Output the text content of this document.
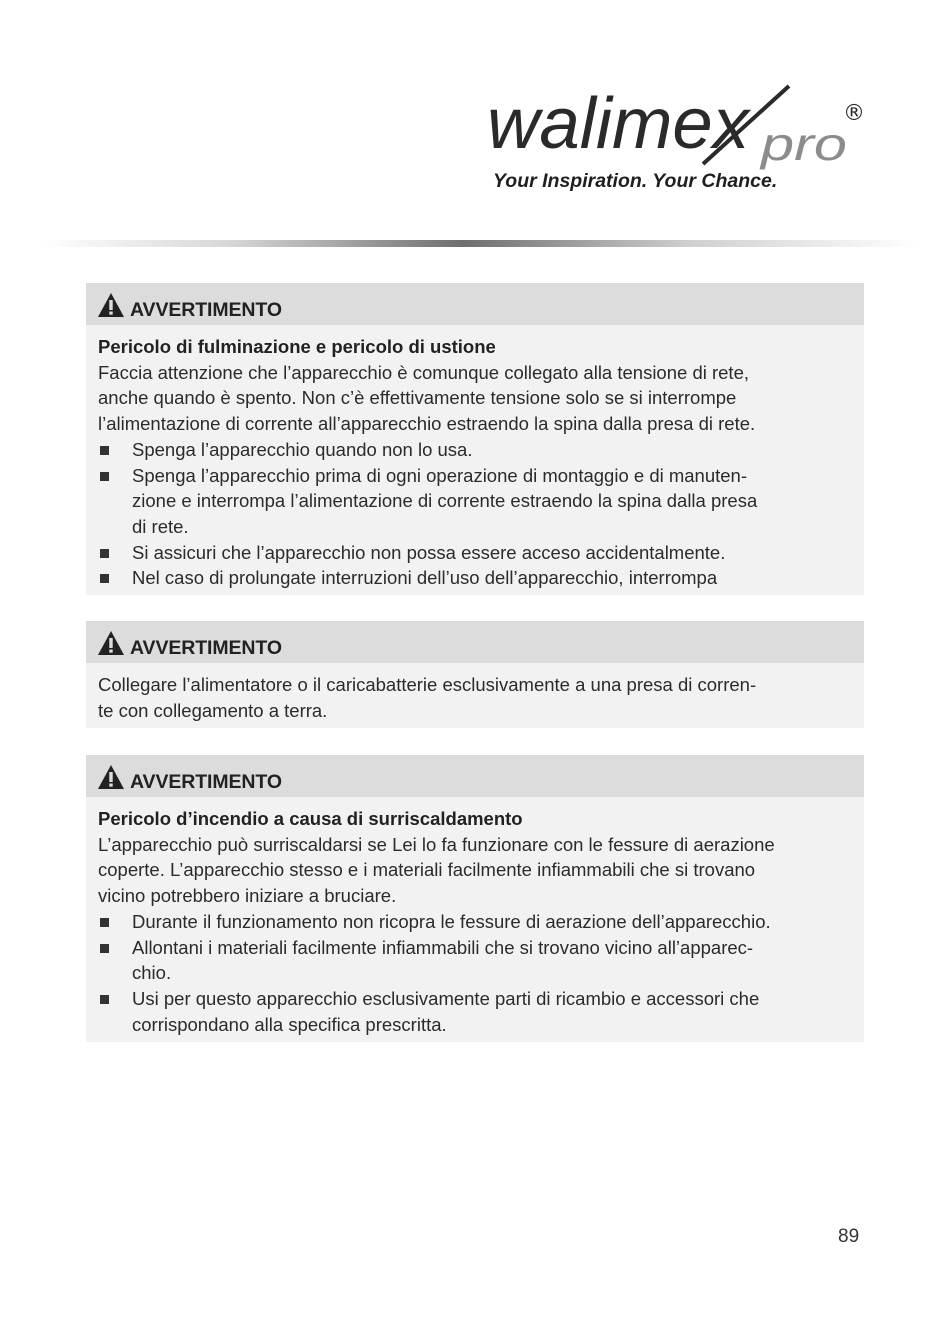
walimex pro
®

Your Inspiration. Your Chance.

AVVERTIMENTO
Pericolo di fulminazione e pericolo di ustione
Faccia attenzione che l’apparecchio è comunque collegato alla tensione di rete,
anche quando è spento. Non c’è effettivamente tensione solo se si interrompe
l’alimentazione di corrente all’apparecchio estraendo la spina dalla presa di rete.
Spenga l’apparecchio quando non lo usa.
Spenga l’apparecchio prima di ogni operazione di montaggio e di manuten-
zione e interrompa l’alimentazione di corrente estraendo la spina dalla presa
di rete.
Si assicuri che l’apparecchio non possa essere acceso accidentalmente.
Nel caso di prolungate interruzioni dell’uso dell’apparecchio, interrompa
AVVERTIMENTO
Collegare l’alimentatore o il caricabatterie esclusivamente a una presa di corren-
te con collegamento a terra.
AVVERTIMENTO
Pericolo d’incendio a causa di surriscaldamento
L’apparecchio può surriscaldarsi se Lei lo fa funzionare con le fessure di aerazione
coperte. L’apparecchio stesso e i materiali facilmente infiammabili che si trovano
vicino potrebbero iniziare a bruciare.
Durante il funzionamento non ricopra le fessure di aerazione dell’apparecchio.
Allontani i materiali facilmente infiammabili che si trovano vicino all’apparec-
chio.
Usi per questo apparecchio esclusivamente parti di ricambio e accessori che
corrispondano alla specifica prescritta.
89
